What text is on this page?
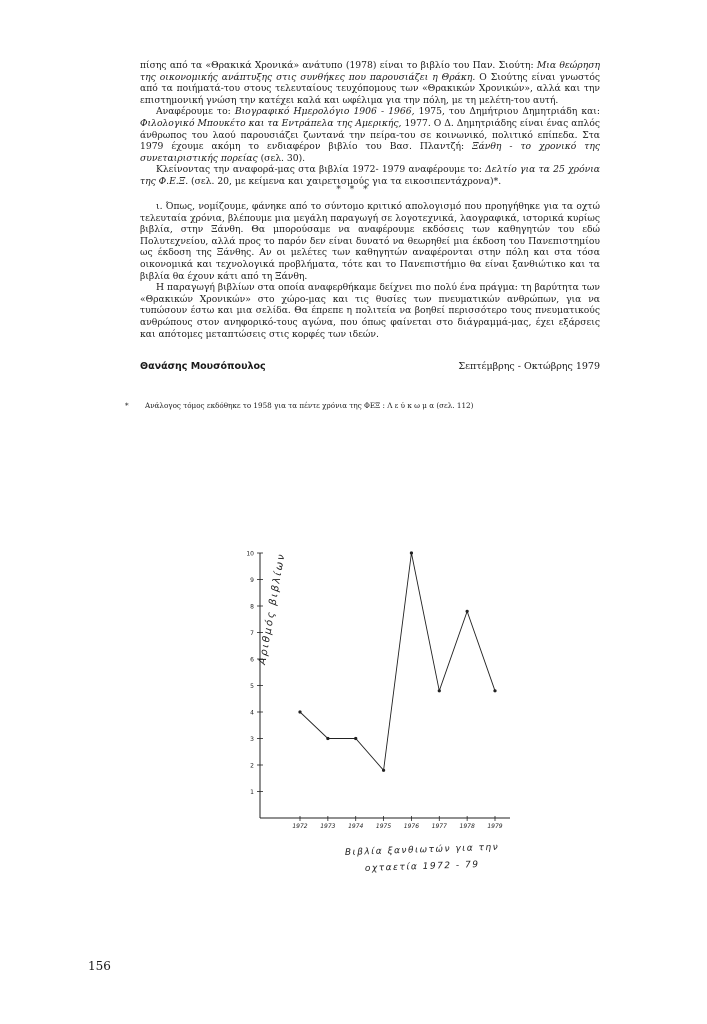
πίσης από τα «Θρακικά Χρονικά» ανάτυπο (1978) είναι το βιβλίο του Παν. Σιούτη: Μια θεώρηση της οικονομικής ανάπτυξης στις συνθήκες που παρουσιάζει η Θράκη. Ο Σιούτης είναι γνωστός από τα ποιήματά-του στους τελευταίους τευχόπομους των «Θρακικών Χρονικών», αλλά και την επιστημονική γνώση την κατέχει καλά και ωφέλιμα για την πόλη, με τη μελέτη-του αυτή.

Αναφέρουμε το: Βιογραφικό Ημερολόγιο 1906 - 1966, 1975, του Δημήτριου Δημητριάδη και: Φιλολογικό Μπουκέτο και τα Εντράπελα της Αμερικής, 1977. Ο Δ. Δημητριάδης είναι ένας απλός άνθρωπος του λαού παρουσιάζει ζωντανά την πείρα-του σε κοινωνικό, πολιτικό επίπεδα. Στα 1979 έχουμε ακόμη το ενδιαφέρον βιβλίο του Βασ. Πλαντζή: Ξάνθη - το χρονικό της συνεταιριστικής πορείας (σελ. 30).

Κλείνοντας την αναφορά-μας στα βιβλία 1972- 1979 αναφέρουμε το: Δελτίο για τα 25 χρόνια της Φ.Ε.Ξ. (σελ. 20, με κείμενα και χαιρετισμούς για τα εικοσιπεντάχρονα)*.

* * *

ι. Όπως, νομίζουμε, φάνηκε από το σύντομο κριτικό απολογισμό που προηγήθηκε για τα οχτώ τελευταία χρόνια, βλέπουμε μια μεγάλη παραγωγή σε λογοτεχνικά, λαογραφικά, ιστορικά κυρίως βιβλία, στην Ξάνθη. Θα μπορούσαμε να αναφέρουμε εκδόσεις των καθηγητών του εδώ Πολυτεχνείου, αλλά προς το παρόν δεν είναι δυνατό να θεωρηθεί μια έκδοση του Πανεπιστημίου ως έκδοση της Ξάνθης. Αν οι μελέτες των καθηγητών αναφέρονται στην πόλη και στα τόσα οικονομικά και τεχνολογικά προβλήματα, τότε και το Πανεπιστήμιο θα είναι ξανθιώτικο και τα βιβλία θα έχουν κάτι από τη Ξάνθη.

Η παραγωγή βιβλίων στα οποία αναφερθήκαμε δείχνει πιο πολύ ένα πράγμα: τη βαρύτητα των «Θρακικών Χρονικών» στο χώρο-μας και τις θυσίες των πνευματικών ανθρώπων, για να τυπώσουν έστω και μια σελίδα. Θα έπρεπε η πολιτεία να βοηθεί περισσότερο τους πνευματικούς ανθρώπους στον ανηφορικό-τους αγώνα, που όπως φαίνεται στο διάγραμμά-μας, έχει εξάρσεις και απότομες μεταπτώσεις στις κορφές των ιδεών.

Θανάσης Μουσόπουλος	Σεπτέμβρης - Οκτώβρης 1979
* Ανάλογος τόμος εκδόθηκε το 1958 για τα πέντε χρόνια της ΦΕΞ : Λ ε ύ κ ω μ α (σελ. 112)
1
2
3
4
5
6
7
8
9
10
1972 1973 1974 1975 1976 1977 1978 1979
Αριθμός βιβλίων
Βιβλία ξανθιωτών για την
οχταετία 1972 - 79
156
